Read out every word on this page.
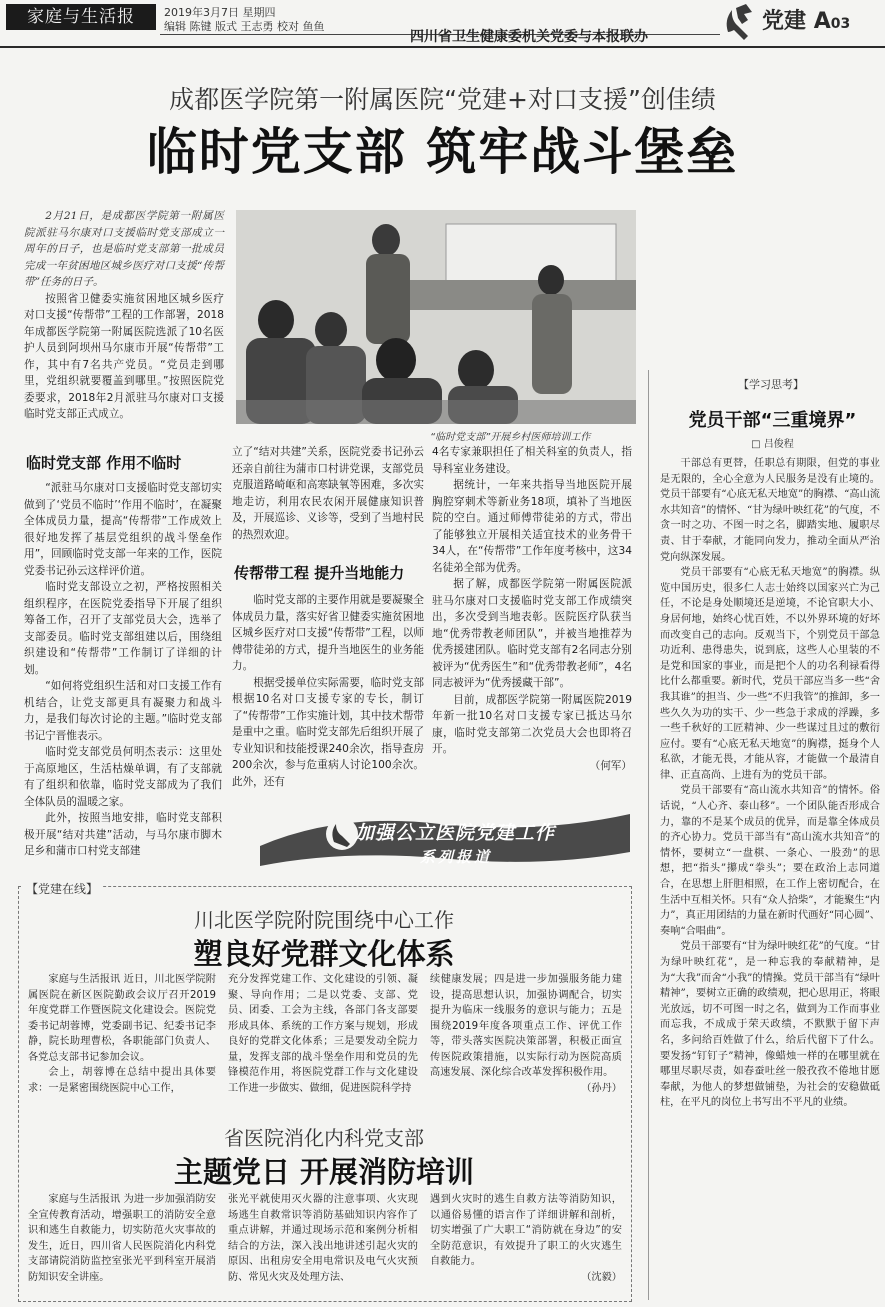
家庭与生活报	2019年3月7日 星期四
编辑 陈键 版式 王志勇 校对 鱼鱼
四川省卫生健康委机关党委与本报联办
党建 A03
成都医学院第一附属医院“党建+对口支援”创佳绩
临时党支部 筑牢战斗堡垒

2月21日，是成都医学院第一附属医院派驻马尔康对口支援临时党支部成立一周年的日子，也是临时党支部第一批成员完成一年贫困地区城乡医疗对口支援“传帮带”任务的日子。

按照省卫健委实施贫困地区城乡医疗对口支援“传帮带”工程的工作部署，2018年成都医学院第一附属医院选派了10名医护人员到阿坝州马尔康市开展“传帮带”工作，其中有7名共产党员。“党员走到哪里，党组织就要覆盖到哪里。”按照医院党委要求，2018年2月派驻马尔康对口支援临时党支部正式成立。

“临时党支部”开展乡村医师培训工作
临时党支部 作用不临时

“派驻马尔康对口支援临时党支部切实做到了‘党员不临时’‘作用不临时’，在凝聚全体成员力量，提高“传帮带”工作成效上很好地发挥了基层党组织的战斗堡垒作用”，回顾临时党支部一年来的工作，医院党委书记孙云这样评价道。

临时党支部设立之初，严格按照相关组织程序，在医院党委指导下开展了组织筹备工作，召开了支部党员大会，选举了支部委员。临时党支部组建以后，围绕组织建设和“传帮带”工作制订了详细的计划。

“如何将党组织生活和对口支援工作有机结合，让党支部更具有凝聚力和战斗力，是我们每次讨论的主题。”临时党支部书记宁晋惟表示。

临时党支部党员何明杰表示：这里处于高原地区，生活枯燥单调，有了支部就有了组织和依靠，临时党支部成为了我们全体队员的温暖之家。

此外，按照当地安排，临时党支部积极开展“结对共建”活动，与马尔康市脚木足乡和蒲市口村党支部建

立了“结对共建”关系，医院党委书记孙云还亲自前往为蒲市口村讲党课，支部党员克服道路崎岖和高寒缺氧等困难，多次实地走访，利用农民农闲开展健康知识普及，开展巡诊、义诊等，受到了当地村民的热烈欢迎。

传帮带工程 提升当地能力

临时党支部的主要作用就是要凝聚全体成员力量，落实好省卫健委实施贫困地区城乡医疗对口支援“传帮带”工程，以师傅带徒弟的方式，提升当地医生的业务能力。

根据受援单位实际需要，临时党支部根据10名对口支援专家的专长，制订了“传帮带”工作实施计划，其中技术帮带是重中之重。临时党支部先后组织开展了专业知识和技能授课240余次，指导查房200余次，参与危重病人讨论100余次。此外，还有

4名专家兼职担任了相关科室的负责人，指导科室业务建设。

据统计，一年来共指导当地医院开展胸腔穿刺术等新业务18项，填补了当地医院的空白。通过师傅带徒弟的方式，带出了能够独立开展相关适宜技术的业务骨干34人，在“传帮带”工作年度考核中，这34名徒弟全部为优秀。

据了解，成都医学院第一附属医院派驻马尔康对口支援临时党支部工作成绩突出，多次受到当地表彰。医院医疗队获当地“优秀带教老师团队”，并被当地推荐为优秀援建团队。临时党支部有2名同志分别被评为“优秀医生”和“优秀带教老师”，4名同志被评为“优秀援藏干部”。

目前，成都医学院第一附属医院2019年新一批10名对口支援专家已抵达马尔康，临时党支部第二次党员大会也即将召开。

（何军）

加强公立医院党建工作
系列报道
【学习思考】
党员干部“三重境界”
□ 吕俊程

干部总有更替，任职总有期限，但党的事业是无限的，全心全意为人民服务是没有止境的。党员干部要有“心底无私天地宽”的胸襟、“高山流水共知音”的情怀、“甘为绿叶映红花”的气度，不贪一时之功、不图一时之名，脚踏实地、履职尽责、甘于奉献，才能同向发力，推动全面从严治党向纵深发展。

党员干部要有“心底无私天地宽”的胸襟。纵览中国历史，很多仁人志士始终以国家兴亡为己任，不论是身处顺境还是逆境，不论官职大小、身居何地，始终心忧百姓，不以外界环境的好坏而改变自己的志向。反观当下，个别党员干部急功近利、患得患失，说到底，这些人心里装的不是党和国家的事业，而是把个人的功名利禄看得比什么都重要。新时代，党员干部应当多一些“舍我其谁”的担当、少一些“不归我管”的推卸，多一些久久为功的实干、少一些急于求成的浮躁，多一些千秋好的工匠精神、少一些谋过且过的敷衍应付。要有“心底无私天地宽”的胸襟，挺身个人私欲，才能无畏，才能从容，才能做一个最清自律、正直高尚、上进有为的党员干部。

党员干部要有“高山流水共知音”的情怀。俗话说，“人心齐、泰山移”。一个团队能否形成合力，靠的不是某个成员的优异，而是靠全体成员的齐心协力。党员干部当有“高山流水共知音”的情怀，要树立“一盘棋、一条心、一股劲”的思想，把“指头”攥成“拳头”；要在政治上志同道合，在思想上肝胆相照，在工作上密切配合，在生活中互相关怀。只有“众人拾柴”，才能聚生“内力”，真正用团结的力量在新时代画好“同心圆”、奏响“合唱曲”。

党员干部要有“甘为绿叶映红花”的气度。“甘为绿叶映红花”，是一种忘我的奉献精神，是为“大我”而舍“小我”的情操。党员干部当有“绿叶精神”，要树立正确的政绩观，把心思用正，将眼光放远，切不可图一时之名，做到为工作而事业而忘我，不成成于荣天政绩，不默默于留下声名，多问给百姓做了什么，给后代留下了什么。要发扬“钉钉子”精神，像蜡烛一样的在哪里就在哪里尽职尽责，如春蚕吐丝一般孜孜不倦地甘愿奉献，为他人的梦想做铺垫，为社会的安稳做砥柱，在平凡的岗位上书写出不平凡的业绩。

【党建在线】
川北医学院附院围绕中心工作
塑良好党群文化体系

家庭与生活报讯 近日，川北医学院附属医院在新区医院勤政会议厅召开2019年度党群工作暨医院文化建设会。医院党委书记胡蓉博，党委副书记、纪委书记李静，院长助理曹松，各职能部门负责人、各党总支部书记参加会议。

会上，胡蓉博在总结中提出具体要求：一是紧密围绕医院中心工作，

充分发挥党建工作、文化建设的引领、凝聚、导向作用；二是以党委、支部、党员、团委、工会为主线，各部门各支部要形成具体、系统的工作方案与规划，形成良好的党群文化体系；三是要发动全院力量，发挥支部的战斗堡垒作用和党员的先锋模范作用，将医院党群工作与文化建设工作进一步做实、做细，促进医院科学持

续健康发展；四是进一步加强服务能力建设，提高思想认识，加强协调配合，切实提升为临床一线服务的意识与能力；五是围绕2019年度各项重点工作、评优工作等，带头落实医院决策部署，积极正面宣传医院政策措施，以实际行动为医院高质高速发展、深化综合改革发挥积极作用。

（孙丹）

省医院消化内科党支部
主题党日 开展消防培训

家庭与生活报讯 为进一步加强消防安全宣传教育活动，增强职工的消防安全意识和逃生自救能力，切实防范火灾事故的发生，近日，四川省人民医院消化内科党支部请院消防监控室张光平到科室开展消防知识安全讲座。

张光平就使用灭火器的注意事项、火灾现场逃生自救常识等消防基础知识内容作了重点讲解，并通过现场示范和案例分析相结合的方法，深入浅出地讲述引起火灾的原因、出租房安全用电常识及电气火灾预防、常见火灾及处理方法、

遇到火灾时的逃生自救方法等消防知识，以通俗易懂的语言作了详细讲解和剖析，切实增强了广大职工“消防就在身边”的安全防范意识，有效提升了职工的火灾逃生自救能力。

（沈毅）
